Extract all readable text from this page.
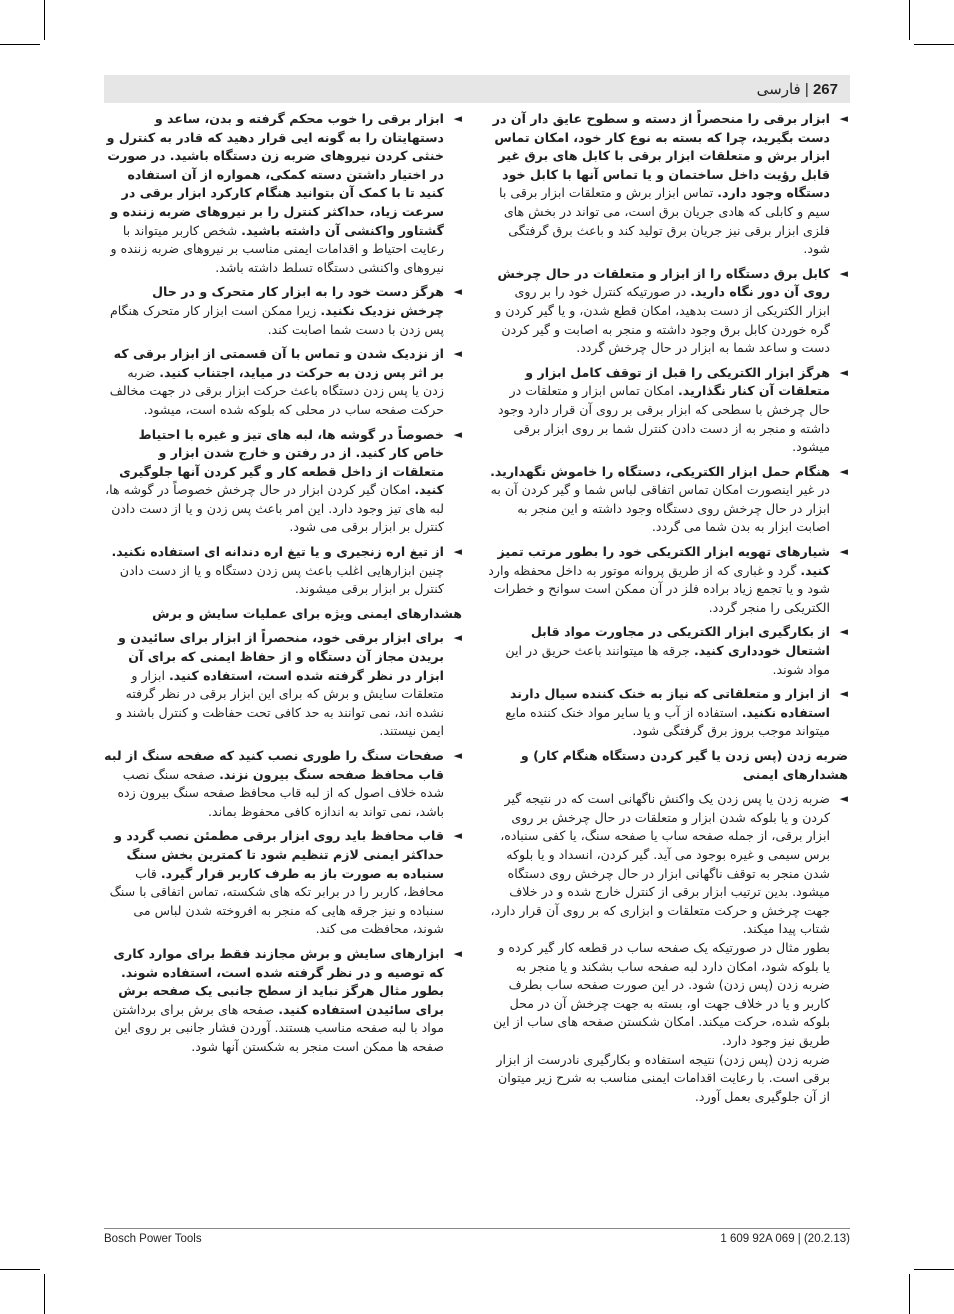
267 | فارسی
◄
ابزار برقی را منحصراً از دسته و سطوح عایق دار آن در دست بگیرید، چرا که بسته به نوع کار خود، امکان تماس ابزار برش و متعلقات ابزار برقی با کابل های برق غیر قابل رؤیت داخل ساختمان و یا تماس آنها با کابل خود دستگاه وجود دارد. تماس ابزار برش و متعلقات ابزار برقی با سیم و کابلی که هادی جریان برق است، می تواند در بخش های فلزی ابزار برقی نیز جریان برق تولید کند و باعث برق گرفتگی شود.
◄
کابل برق دستگاه را از ابزار و متعلقات در حال چرخش روی آن دور نگاه دارید. در صورتیکه کنترل خود را بر روی ابزار الکتریکی از دست بدهید، امکان قطع شدن، و یا گیر کردن و گره خوردن کابل برق وجود داشته و منجر به اصابت و گیر کردن دست و ساعد شما به ابزار در حال چرخش گردد.
◄
هرگز ابزار الکتریکی را قبل از توقف کامل ابزار و متعلقات آن کنار نگذارید. امکان تماس ابزار و متعلقات در حال چرخش با سطحی که ابزار برقی بر روی آن قرار دارد وجود داشته و منجر به از دست دادن کنترل شما بر روی ابزار برقی میشود.
◄
هنگام حمل ابزار الکتریکی، دستگاه را خاموش نگهدارید. در غیر اینصورت امکان تماس اتفاقی لباس شما و گیر کردن آن به ابزار در حال چرخش روی دستگاه وجود داشته و این منجر به اصابت ابزار به بدن شما می گردد.
◄
شیارهای تهویه ابزار الکتریکی خود را بطور مرتب تمیز کنید. گرد و غباری که از طریق پروانه موتور به داخل محفظه وارد شود و یا تجمع زیاد براده فلز در آن ممکن است سوانح و خطرات الکتریکی را منجر گردد.
◄
از بکارگیری ابزار الکتریکی در مجاورت مواد قابل اشتعال خودداری کنید. جرقه ها میتوانند باعث حریق در این مواد شوند.
◄
از ابزار و متعلقاتی که نیاز به خنک کننده سیال دارند استفاده نکنید. استفاده از آب و یا سایر مواد خنک کننده مایع میتواند موجب بروز برق گرفتگی شود.
ضربه زدن (پس زدن یا گیر کردن دستگاه هنگام کار) و هشدارهای ایمنی
◄
ضربه زدن یا پس زدن یک واکنش ناگهانی است که در نتیجه گیر کردن و یا بلوکه شدن ابزار و متعلقات در حال چرخش بر روی ابزار برقی، از جمله صفحه ساب یا صفحه سنگ، یا کفی سنباده، برس سیمی و غیره بوجود می آید. گیر کردن، انسداد و یا بلوکه شدن منجر به توقف ناگهانی ابزار در حال چرخش روی دستگاه میشود. بدین ترتیب ابزار برقی از کنترل خارج شده و در خلاف جهت چرخش و حرکت متعلقات و ابزاری که بر روی آن قرار دارد، شتاب پیدا میکند.
بطور مثال در صورتیکه یک صفحه ساب در قطعه کار گیر کرده و یا بلوکه شود، امکان دارد لبه صفحه ساب بشکند و یا منجر به ضربه زدن (پس زدن) شود. در این صورت صفحه ساب بطرف کاربر و یا در خلاف جهت او، بسته به جهت چرخش آن در محل بلوکه شده، حرکت میکند. امکان شکستن صفحه های ساب از این طریق نیز وجود دارد.
ضربه زدن (پس زدن) نتیجه استفاده و بکارگیری نادرست از ابزار برقی است. با رعایت اقدامات ایمنی مناسب به شرح زیر میتوان از آن جلوگیری بعمل آورد.
◄
ابزار برقی را خوب محکم گرفته و بدن، ساعد و دستهایتان را به گونه ایی قرار دهید که قادر به کنترل و خنثی کردن نیروهای ضربه زن دستگاه باشید. در صورت در اختیار داشتن دسته کمکی، همواره از آن استفاده کنید تا با کمک آن بتوانید هنگام کارکرد ابزار برقی در سرعت زیاد، حداکثر کنترل را بر نیروهای ضربه زننده و گشتاور واکنشی آن داشته باشید. شخص کاربر میتواند با رعایت احتیاط و اقدامات ایمنی مناسب بر نیروهای ضربه زننده و نیروهای واکنشی دستگاه تسلط داشته باشد.
◄
هرگز دست خود را به ابزار کار متحرک و در حال چرخش نزدیک نکنید. زیرا ممکن است ابزار کار متحرک هنگام پس زدن با دست شما اصابت کند.
◄
از نزدیک شدن و تماس با آن قسمتی از ابزار برقی که بر اثر پس زدن به حرکت در میاید، اجتناب کنید. ضربه زدن یا پس زدن دستگاه باعث حرکت ابزار برقی در جهت مخالف حرکت صفحه ساب در محلی که بلوکه شده است، میشود.
◄
خصوصاً در گوشه ها، لبه های تیز و غیره با احتیاط خاص کار کنید. از در رفتن و خارج شدن ابزار و متعلقات از داخل قطعه کار و گیر کردن آنها جلوگیری کنید. امکان گیر کردن ابزار در حال چرخش خصوصاً در گوشه ها، لبه های تیز وجود دارد. این امر باعث پس زدن و یا از دست دادن کنترل بر ابزار برقی می شود.
◄
از تیغ اره زنجیری و یا تیغ اره دندانه ای استفاده نکنید. چنین ابزارهایی اغلب باعث پس زدن دستگاه و یا از دست دادن کنترل بر ابزار برقی میشوند.
هشدارهای ایمنی ویژه برای عملیات سایش و برش
◄
برای ابزار برقی خود، منحصراً از ابزار برای سائیدن و بریدن مجاز آن دستگاه و از حفاظ ایمنی که برای آن ابزار در نظر گرفته شده است، استفاده کنید. ابزار و متعلقات سایش و برش که برای این ابزار برقی در نظر گرفته نشده اند، نمی توانند به حد کافی تحت حفاظت و کنترل باشند و ایمن نیستند.
◄
صفحات سنگ را طوری نصب کنید که صفحه سنگ از لبه قاب محافظ صفحه سنگ بیرون نزند. صفحه سنگ نصب شده خلاف اصول که از لبه قاب محافظ صفحه سنگ بیرون زده باشد، نمی تواند به اندازه کافی محفوظ بماند.
◄
قاب محافظ باید روی ابزار برقی مطمئن نصب گردد و حداکثر ایمنی لازم تنظیم شود تا کمترین بخش سنگ سنباده به صورت باز به طرف کاربر قرار گیرد. قاب محافظ، کاربر را در برابر تکه های شکسته، تماس اتفاقی با سنگ سنباده و نیز جرقه هایی که منجر به افروخته شدن لباس می شوند، محافظت می کند.
◄
ابزارهای سایش و برش مجازند فقط برای موارد کاری که توصیه و در نظر گرفته شده است، استفاده شوند. بطور مثال هرگز نباید از سطح جانبی یک صفحه برش برای سائیدن استفاده کنید. صفحه های برش برای برداشتن مواد با لبه صفحه مناسب هستند. آوردن فشار جانبی بر روی این صفحه ها ممکن است منجر به شکستن آنها شود.
Bosch Power Tools	1 609 92A 069 | (20.2.13)
